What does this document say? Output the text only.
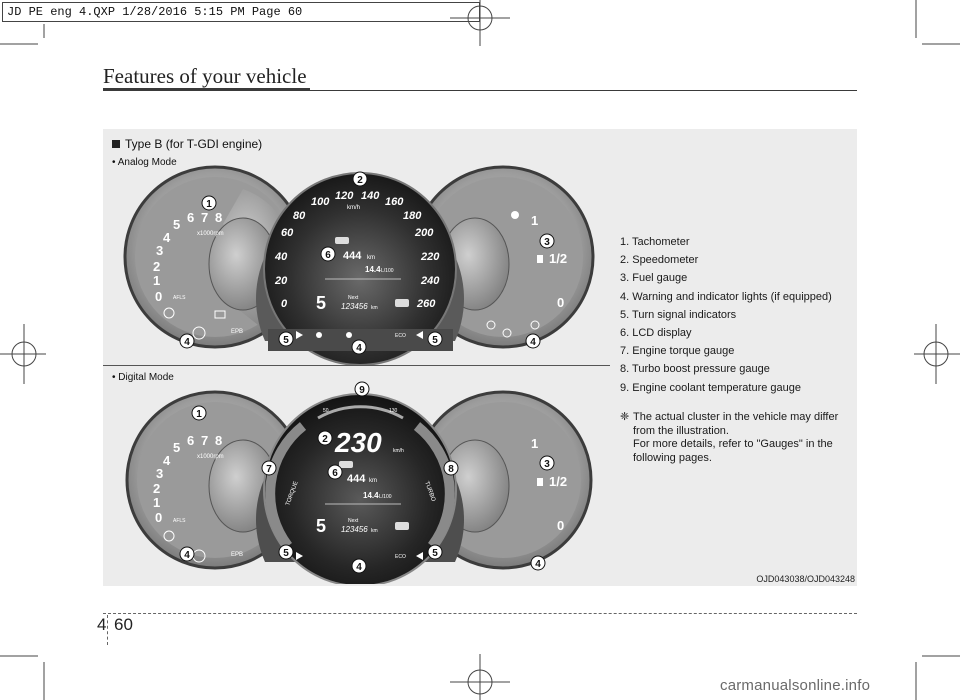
JD PE eng 4.QXP 1/28/2016 5:15 PM Page 60
Features of your vehicle
Type B (for T-GDI engine)
• Analog Mode
• Digital Mode
0
1
2
3
4
5 6 7 8
x1000rpm
AFLS
EPB
1
1/2
0
0
20
40
60
80
100 120 140 160
180
200
220
240
260
km/h
444 km
14.4 L/100
5	Next
123456 km
ECO
1
2
3
4
4
4
5	5
6
0
1
2
3
4
5 6 7 8
x1000rpm
AFLS
EPB
1
1/2
0
50	130
TORQUE	TURBO
230 km/h
444 km
14.4 L/100
5	Next
123456 km
ECO
1
2
3
4
4	4
5	5
6
7	8
9
1. Tachometer
2. Speedometer
3. Fuel gauge
4. Warning and indicator lights (if equipped)
5. Turn signal indicators
6. LCD display
7. Engine torque gauge
8. Turbo boost pressure gauge
9. Engine coolant temperature gauge
❈ The actual cluster in the vehicle may differ
from the illustration.
For more details, refer to "Gauges" in the
following pages.
OJD043038/OJD043248
4 60
carmanualsonline.info
